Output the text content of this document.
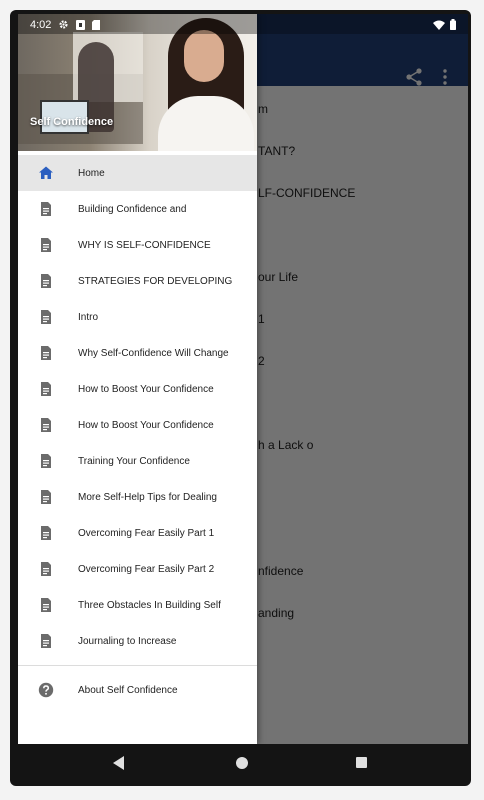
4:02
Self Confidence
Home
Building Confidence and
WHY IS SELF-CONFIDENCE
STRATEGIES FOR DEVELOPING
Intro
Why Self-Confidence Will Change
How to Boost Your Confidence
How to Boost Your Confidence
Training Your Confidence
More Self-Help Tips for Dealing
Overcoming Fear Easily Part 1
Overcoming Fear Easily Part 2
Three Obstacles In Building Self
Journaling to Increase
About Self Confidence
